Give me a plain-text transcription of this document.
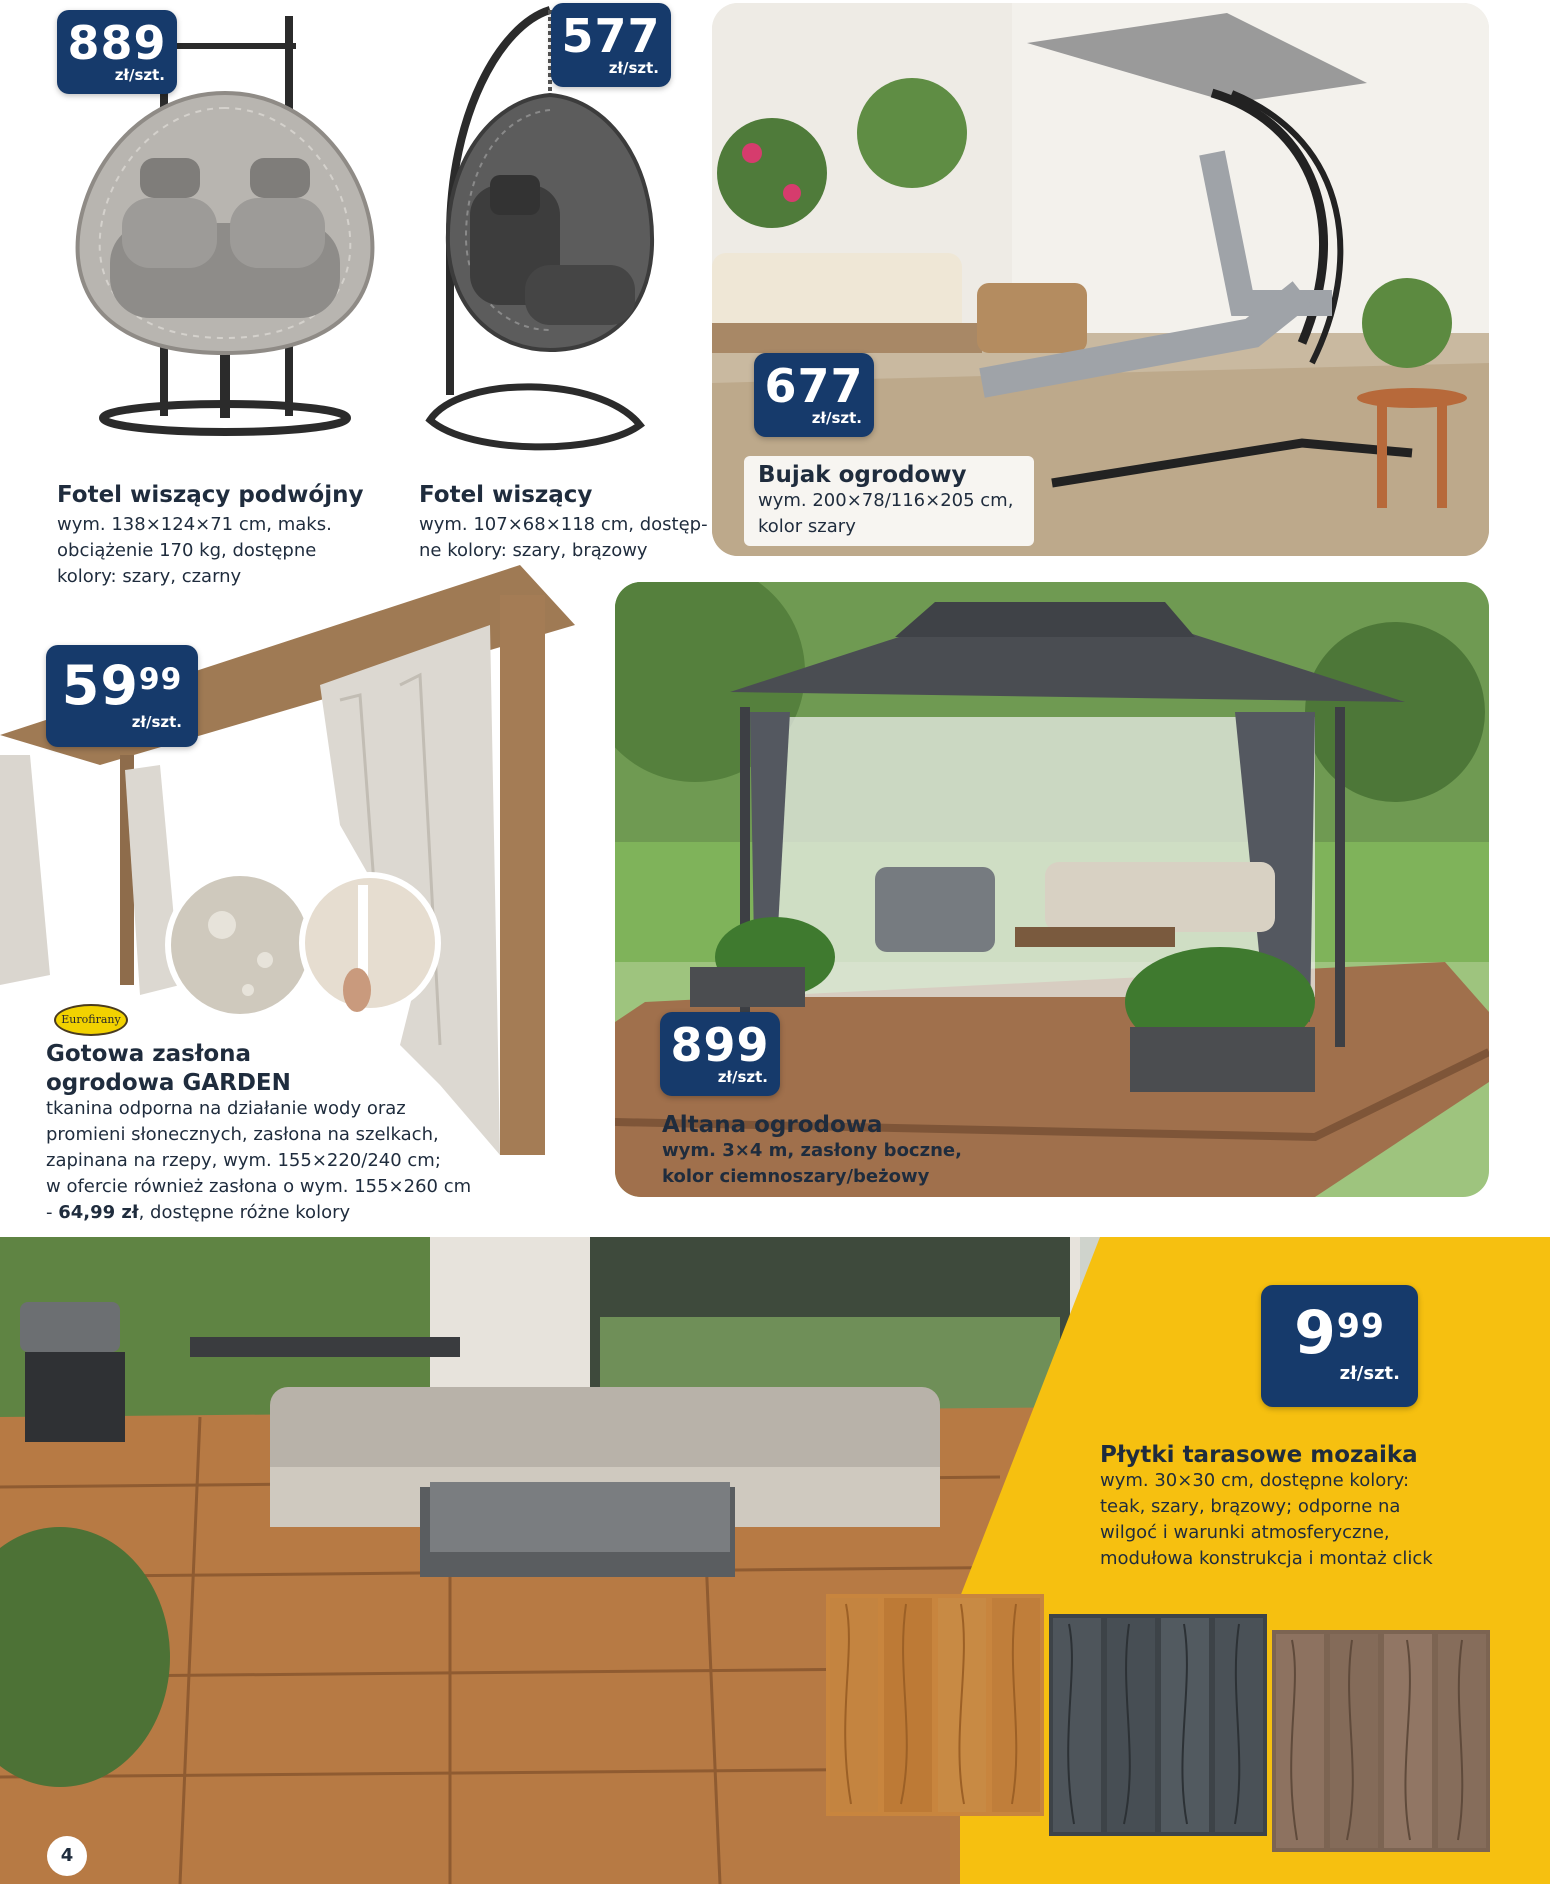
889
zł/szt.
Fotel wiszący podwójny
wym. 138×124×71 cm, maks.
obciążenie 170 kg, dostępne
kolory: szary, czarny
577
zł/szt.
Fotel wiszący
wym. 107×68×118 cm, dostęp-
ne kolory: szary, brązowy
677
zł/szt.
Bujak ogrodowy
wym. 200×78/116×205 cm,
kolor szary
$59^{99}$
zł/szt.
Eurofirany
Gotowa zasłona
ogrodowa GARDEN
tkanina odporna na działanie wody oraz
promieni słonecznych, zasłona na szelkach,
zapinana na rzepy, wym. 155×220/240 cm;
w ofercie również zasłona o wym. 155×260 cm
- 64,99 zł, dostępne różne kolory
899
zł/szt.
Altana ogrodowa
wym. 3×4 m, zasłony boczne,
kolor ciemnoszary/beżowy
$9^{99}$
zł/szt.
Płytki tarasowe mozaika
wym. 30×30 cm, dostępne kolory:
teak, szary, brązowy; odporne na
wilgoć i warunki atmosferyczne,
modułowa konstrukcja i montaż click
4
